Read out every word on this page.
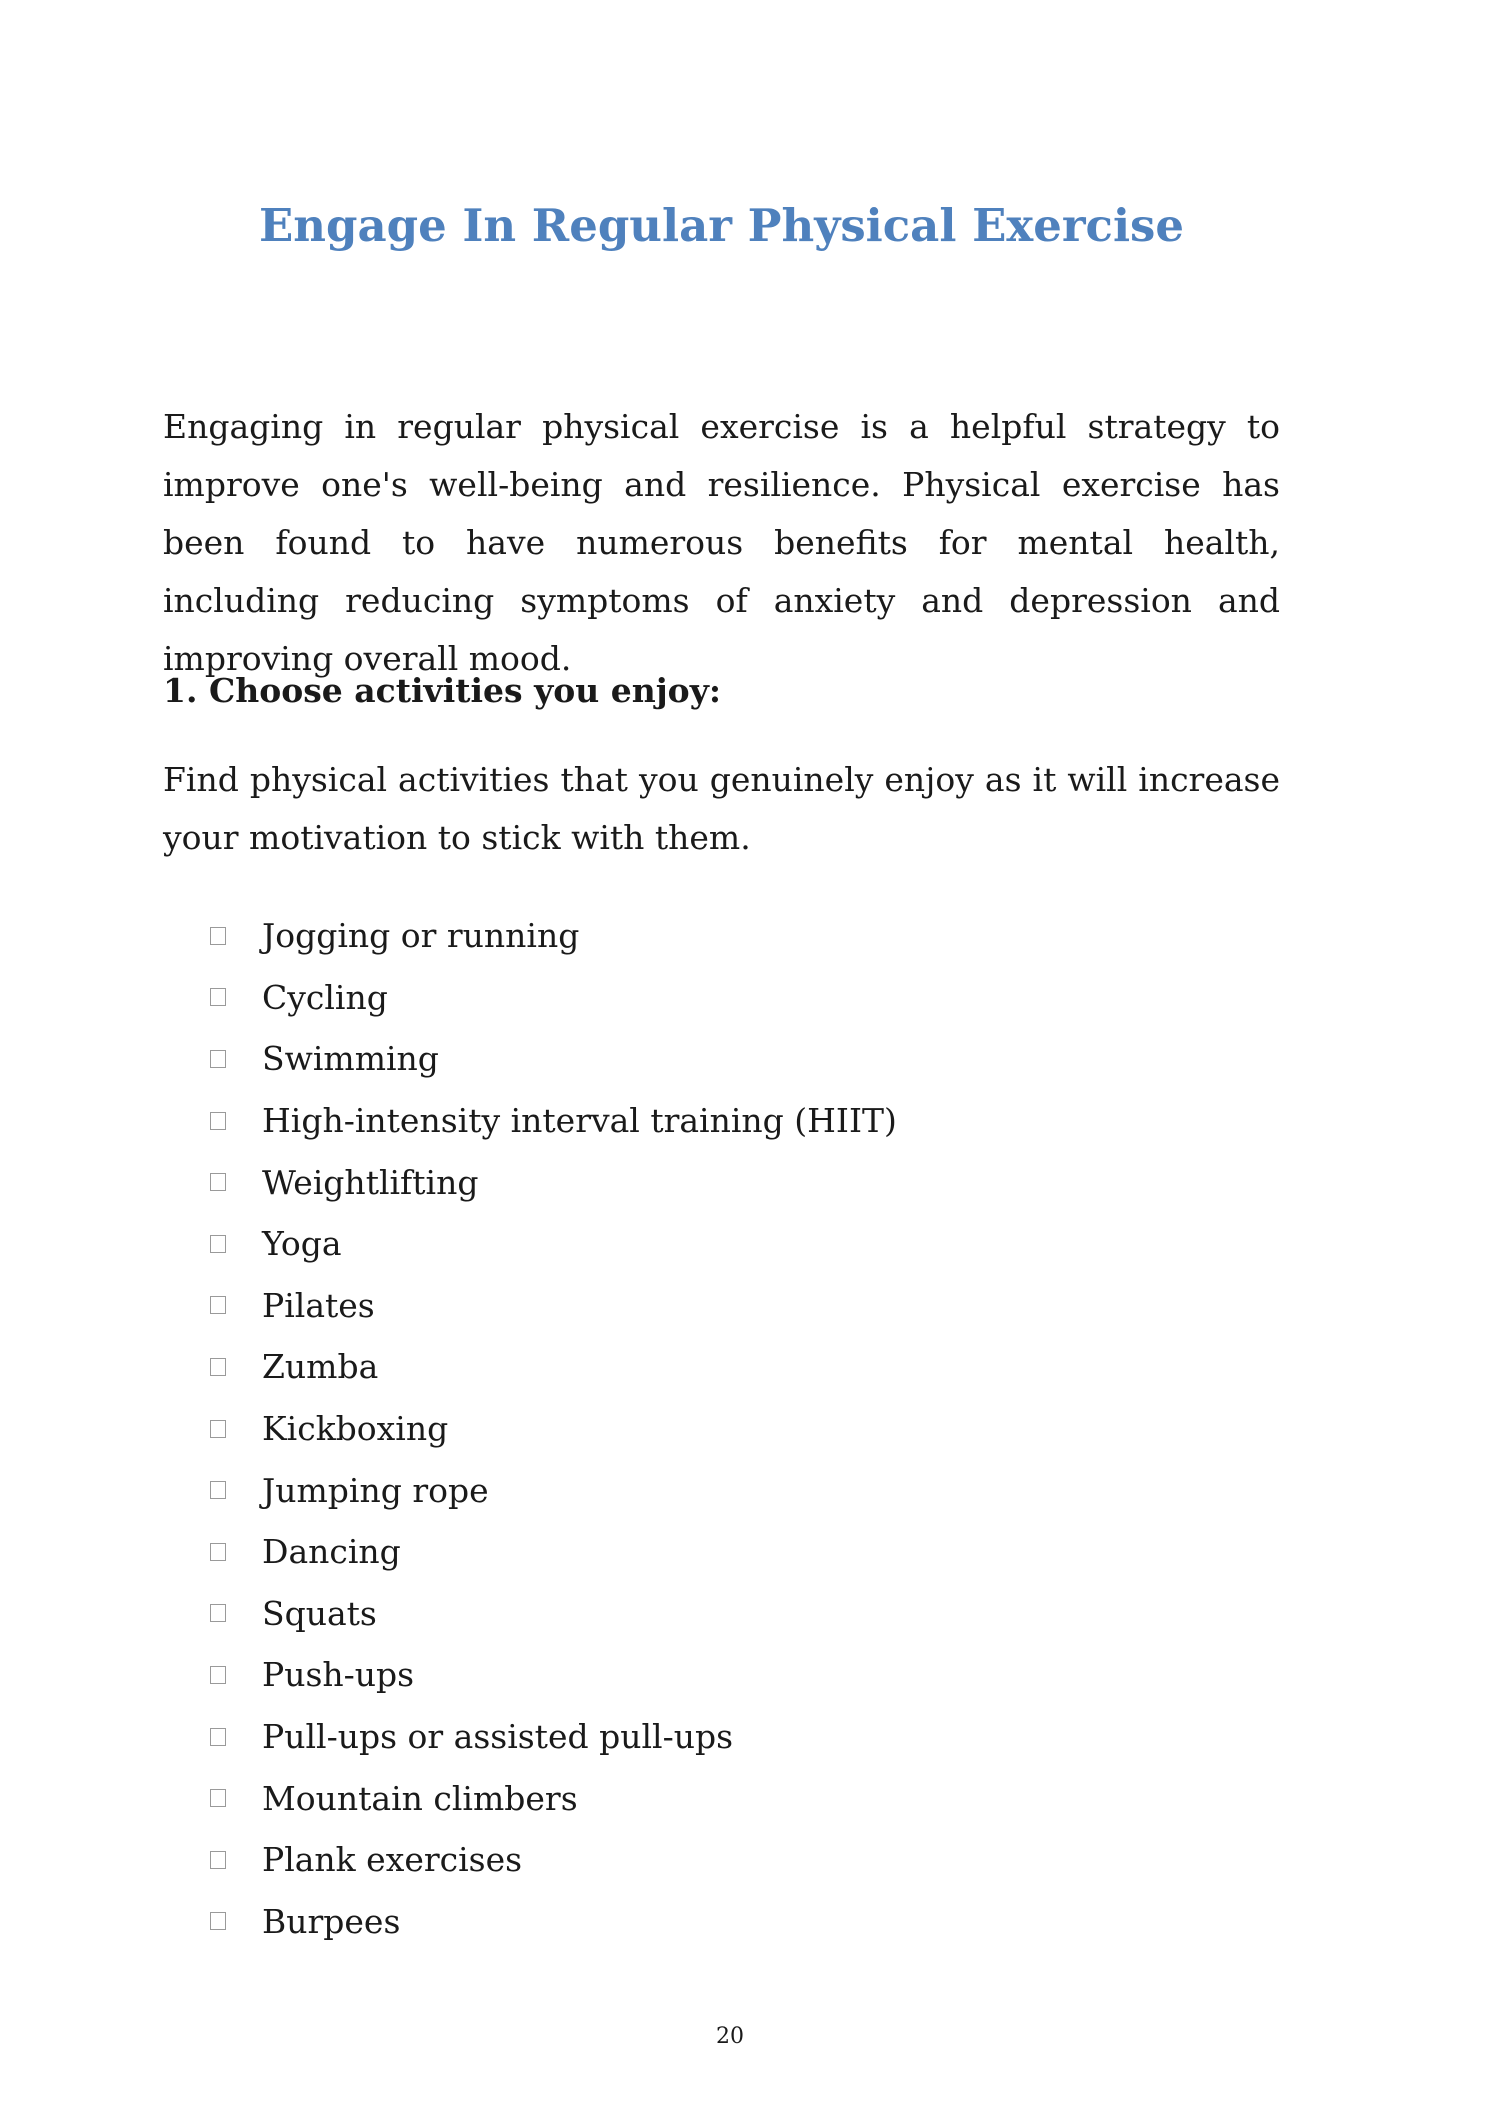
Engage In Regular Physical Exercise

Engaging in regular physical exercise is a helpful strategy to improve one's well-being and resilience. Physical exercise has been found to have numerous benefits for mental health, including reducing symptoms of anxiety and depression and improving overall mood.

1. Choose activities you enjoy:

Find physical activities that you genuinely enjoy as it will increase your motivation to stick with them.

Jogging or running
Cycling
Swimming
High-intensity interval training (HIIT)
Weightlifting
Yoga
Pilates
Zumba
Kickboxing
Jumping rope
Dancing
Squats
Push-ups
Pull-ups or assisted pull-ups
Mountain climbers
Plank exercises
Burpees

20
